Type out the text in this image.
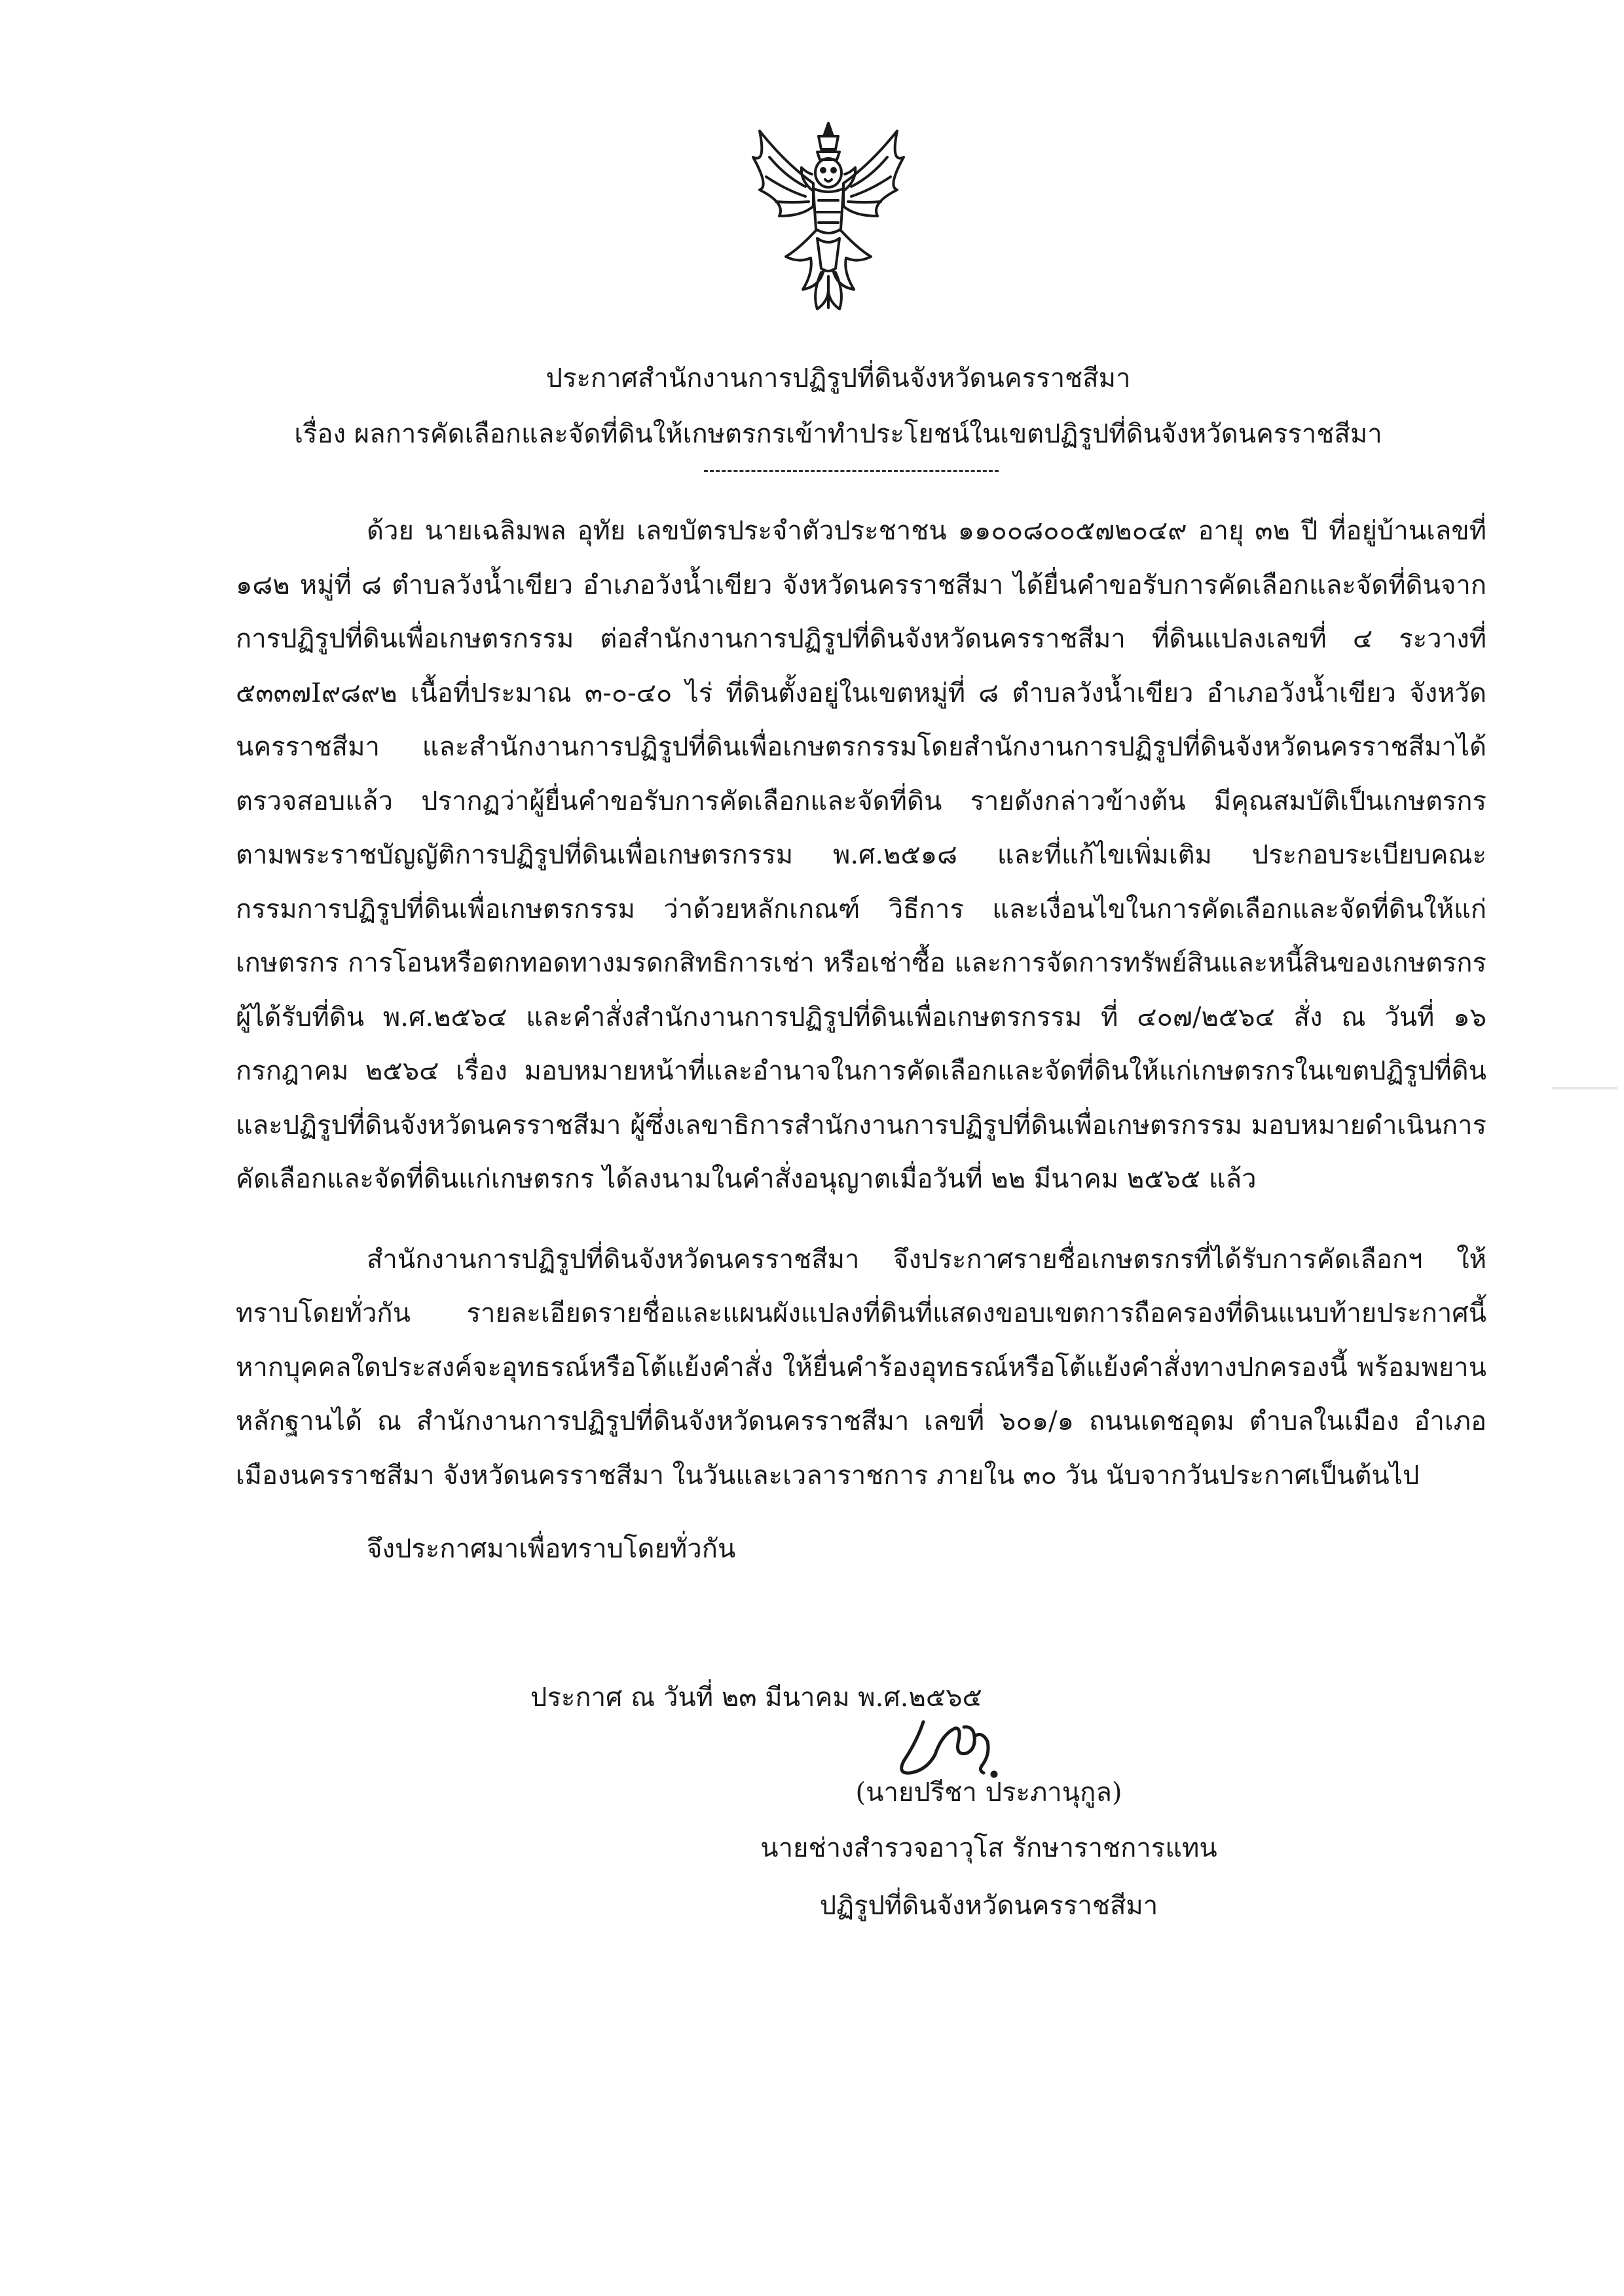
ประกาศสำนักงานการปฏิรูปที่ดินจังหวัดนครราชสีมา
เรื่อง ผลการคัดเลือกและจัดที่ดินให้เกษตรกรเข้าทำประโยชน์ในเขตปฏิรูปที่ดินจังหวัดนครราชสีมา

ด้วย นายเฉลิมพล อุทัย เลขบัตรประจำตัวประชาชน ๑๑๐๐๘๐๐๕๗๒๐๔๙ อายุ ๓๒ ปี ที่อยู่บ้านเลขที่ ๑๘๒ หมู่ที่ ๘ ตำบลวังน้ำเขียว อำเภอวังน้ำเขียว จังหวัดนครราชสีมา ได้ยื่นคำขอรับการคัดเลือกและจัดที่ดินจากการปฏิรูปที่ดินเพื่อเกษตรกรรม ต่อสำนักงานการปฏิรูปที่ดินจังหวัดนครราชสีมา ที่ดินแปลงเลขที่ ๔ ระวางที่ ๕๓๓๗I๙๘๙๒ เนื้อที่ประมาณ ๓-๐-๔๐ ไร่ ที่ดินตั้งอยู่ในเขตหมู่ที่ ๘ ตำบลวังน้ำเขียว อำเภอวังน้ำเขียว จังหวัดนครราชสีมา และสำนักงานการปฏิรูปที่ดินเพื่อเกษตรกรรมโดยสำนักงานการปฏิรูปที่ดินจังหวัดนครราชสีมาได้ตรวจสอบแล้ว ปรากฏว่าผู้ยื่นคำขอรับการคัดเลือกและจัดที่ดิน รายดังกล่าวข้างต้น มีคุณสมบัติเป็นเกษตรกร ตามพระราชบัญญัติการปฏิรูปที่ดินเพื่อเกษตรกรรม พ.ศ.๒๕๑๘ และที่แก้ไขเพิ่มเติม ประกอบระเบียบคณะกรรมการปฏิรูปที่ดินเพื่อเกษตรกรรม ว่าด้วยหลักเกณฑ์ วิธีการ และเงื่อนไขในการคัดเลือกและจัดที่ดินให้แก่เกษตรกร การโอนหรือตกทอดทางมรดกสิทธิการเช่า หรือเช่าซื้อ และการจัดการทรัพย์สินและหนี้สินของเกษตรกรผู้ได้รับที่ดิน พ.ศ.๒๕๖๔ และคำสั่งสำนักงานการปฏิรูปที่ดินเพื่อเกษตรกรรม ที่ ๔๐๗/๒๕๖๔ สั่ง ณ วันที่ ๑๖ กรกฎาคม ๒๕๖๔ เรื่อง มอบหมายหน้าที่และอำนาจในการคัดเลือกและจัดที่ดินให้แก่เกษตรกรในเขตปฏิรูปที่ดิน และปฏิรูปที่ดินจังหวัดนครราชสีมา ผู้ซึ่งเลขาธิการสำนักงานการปฏิรูปที่ดินเพื่อเกษตรกรรม มอบหมายดำเนินการคัดเลือกและจัดที่ดินแก่เกษตรกร ได้ลงนามในคำสั่งอนุญาตเมื่อวันที่ ๒๒ มีนาคม ๒๕๖๕ แล้ว

สำนักงานการปฏิรูปที่ดินจังหวัดนครราชสีมา จึงประกาศรายชื่อเกษตรกรที่ได้รับการคัดเลือกฯ ให้ทราบโดยทั่วกัน รายละเอียดรายชื่อและแผนผังแปลงที่ดินที่แสดงขอบเขตการถือครองที่ดินแนบท้ายประกาศนี้ หากบุคคลใดประสงค์จะอุทธรณ์หรือโต้แย้งคำสั่ง ให้ยื่นคำร้องอุทธรณ์หรือโต้แย้งคำสั่งทางปกครองนี้ พร้อมพยานหลักฐานได้ ณ สำนักงานการปฏิรูปที่ดินจังหวัดนครราชสีมา เลขที่ ๖๐๑/๑ ถนนเดชอุดม ตำบลในเมือง อำเภอเมืองนครราชสีมา จังหวัดนครราชสีมา ในวันและเวลาราชการ ภายใน ๓๐ วัน นับจากวันประกาศเป็นต้นไป

จึงประกาศมาเพื่อทราบโดยทั่วกัน

ประกาศ ณ วันที่ ๒๓ มีนาคม พ.ศ.๒๕๖๕
(นายปรีชา ประภานุกูล)
นายช่างสำรวจอาวุโส รักษาราชการแทน
ปฏิรูปที่ดินจังหวัดนครราชสีมา
